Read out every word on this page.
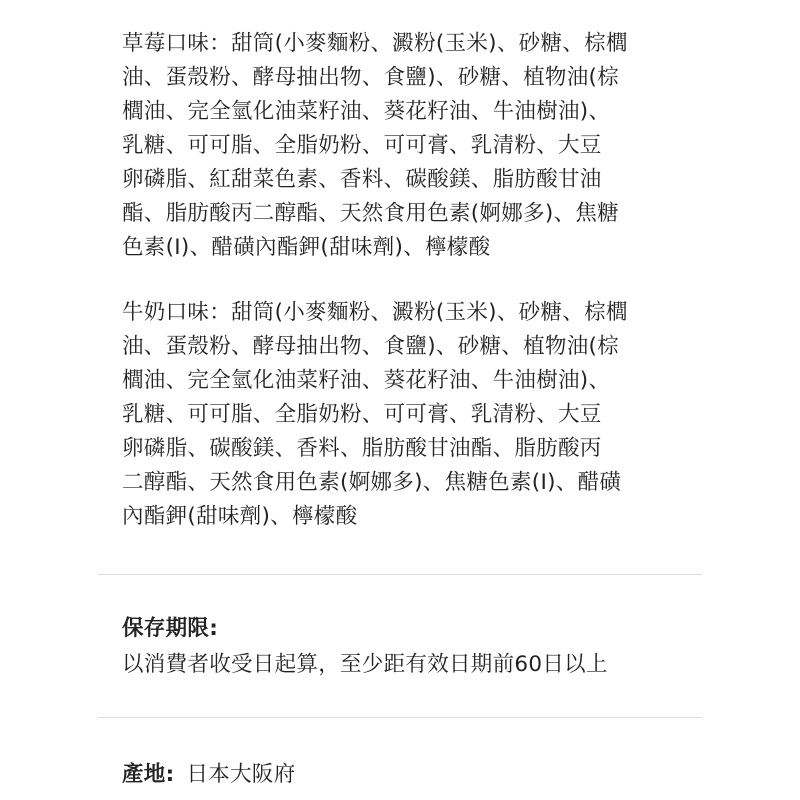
草莓口味：甜筒(小麥麵粉、澱粉(玉米)、砂糖、棕櫚
油、蛋殼粉、酵母抽出物、食鹽)、砂糖、植物油(棕
櫚油、完全氫化油菜籽油、葵花籽油、牛油樹油)、
乳糖、可可脂、全脂奶粉、可可膏、乳清粉、大豆
卵磷脂、紅甜菜色素、香料、碳酸鎂、脂肪酸甘油
酯、脂肪酸丙二醇酯、天然食用色素(婀娜多)、焦糖
色素(I)、醋磺內酯鉀(甜味劑)、檸檬酸
牛奶口味：甜筒(小麥麵粉、澱粉(玉米)、砂糖、棕櫚
油、蛋殼粉、酵母抽出物、食鹽)、砂糖、植物油(棕
櫚油、完全氫化油菜籽油、葵花籽油、牛油樹油)、
乳糖、可可脂、全脂奶粉、可可膏、乳清粉、大豆
卵磷脂、碳酸鎂、香料、脂肪酸甘油酯、脂肪酸丙
二醇酯、天然食用色素(婀娜多)、焦糖色素(I)、醋磺
內酯鉀(甜味劑)、檸檬酸
保存期限:
以消費者收受日起算，至少距有效日期前60日以上
產地: 日本大阪府
